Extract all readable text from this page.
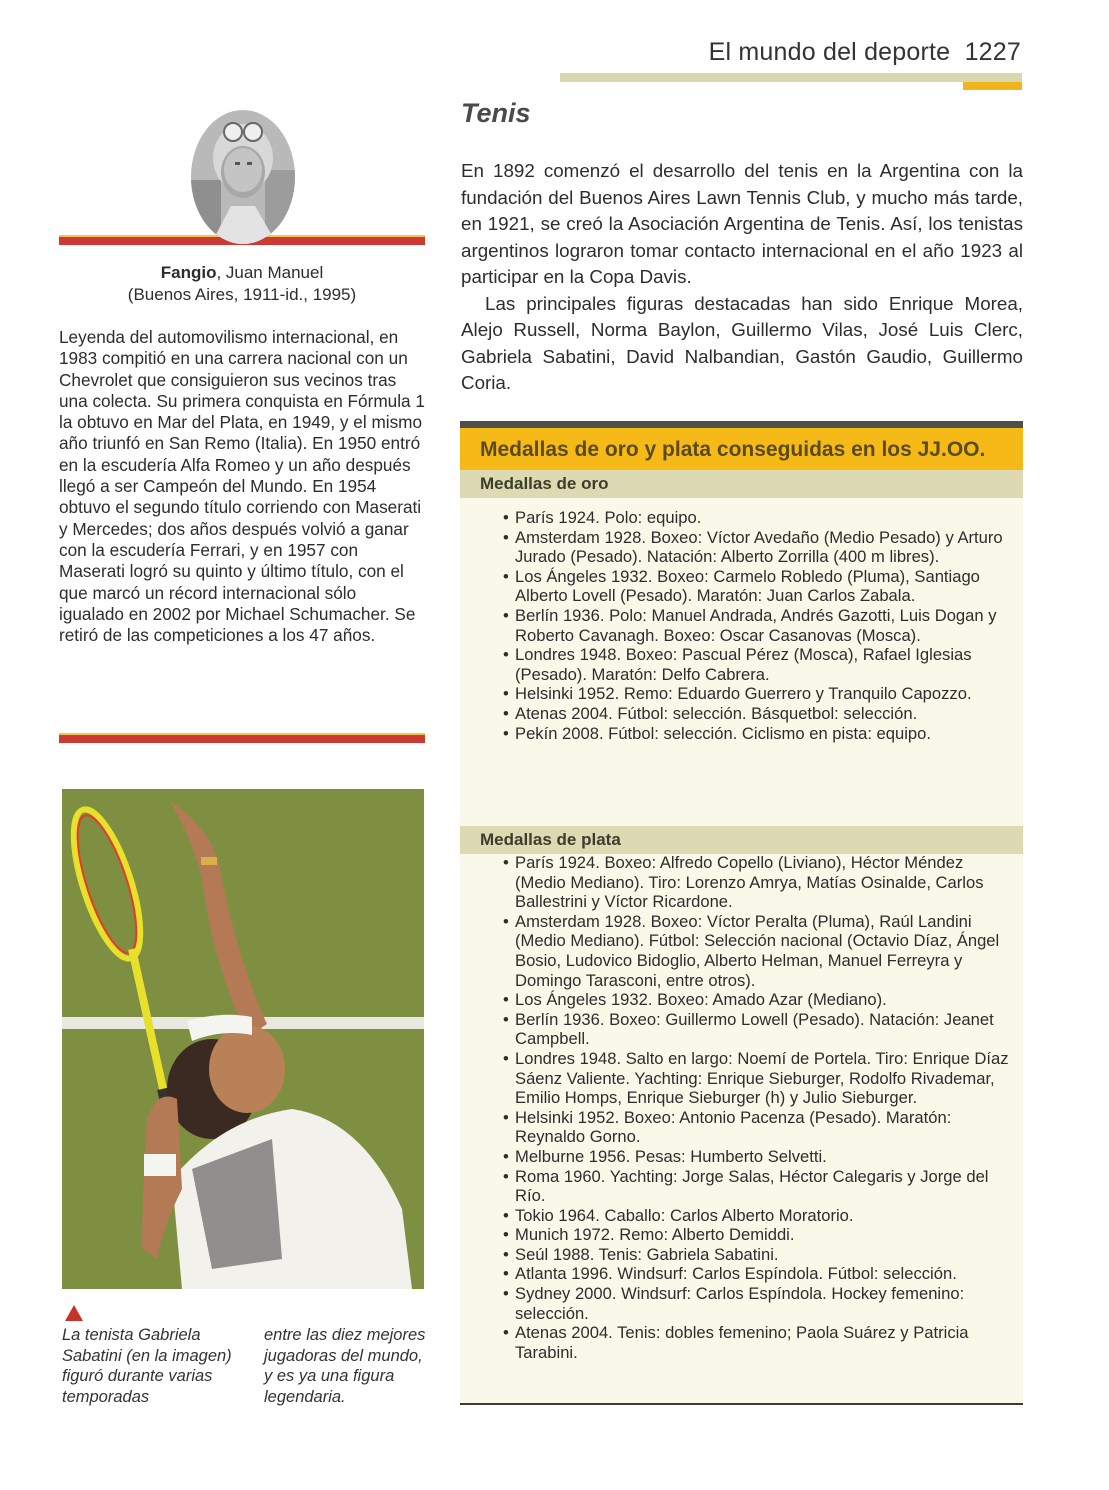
El mundo del deporte 1227
Fangio, Juan Manuel
(Buenos Aires, 1911-id., 1995)
Leyenda del automovilismo internacional, en 1983 compitió en una carrera nacional con un Chevrolet que consiguieron sus vecinos tras una colecta. Su primera conquista en Fórmula 1 la obtuvo en Mar del Plata, en 1949, y el mismo año triunfó en San Remo (Italia). En 1950 entró en la escudería Alfa Romeo y un año después llegó a ser Campeón del Mundo. En 1954 obtuvo el segundo título corriendo con Maserati y Mercedes; dos años después volvió a ganar con la escudería Ferrari, y en 1957 con Maserati logró su quinto y último título, con el que marcó un récord internacional sólo igualado en 2002 por Michael Schumacher. Se retiró de las competiciones a los 47 años.
La tenista Gabriela Sabatini (en la imagen) figuró durante varias temporadas
entre las diez mejores jugadoras del mundo, y es ya una figura legendaria.
Tenis

En 1892 comenzó el desarrollo del tenis en la Argentina con la fundación del Buenos Aires Lawn Tennis Club, y mucho más tarde, en 1921, se creó la Asociación Argentina de Tenis. Así, los tenistas argentinos lograron tomar contacto internacional en el año 1923 al participar en la Copa Davis.

Las principales figuras destacadas han sido Enrique Morea, Alejo Russell, Norma Baylon, Guillermo Vilas, José Luis Clerc, Gabriela Sabatini, David Nalbandian, Gastón Gaudio, Guillermo Coria.

Medallas de oro y plata conseguidas en los JJ.OO.
Medallas de oro
• París 1924. Polo: equipo.
• Amsterdam 1928. Boxeo: Víctor Avedaño (Medio Pesado) y Arturo Jurado (Pesado). Natación: Alberto Zorrilla (400 m libres).
• Los Ángeles 1932. Boxeo: Carmelo Robledo (Pluma), Santiago Alberto Lovell (Pesado). Maratón: Juan Carlos Zabala.
• Berlín 1936. Polo: Manuel Andrada, Andrés Gazotti, Luis Dogan y Roberto Cavanagh. Boxeo: Oscar Casanovas (Mosca).
• Londres 1948. Boxeo: Pascual Pérez (Mosca), Rafael Iglesias (Pesado). Maratón: Delfo Cabrera.
• Helsinki 1952. Remo: Eduardo Guerrero y Tranquilo Capozzo.
• Atenas 2004. Fútbol: selección. Básquetbol: selección.
• Pekín 2008. Fútbol: selección. Ciclismo en pista: equipo.
Medallas de plata
• París 1924. Boxeo: Alfredo Copello (Liviano), Héctor Méndez (Medio Mediano). Tiro: Lorenzo Amrya, Matías Osinalde, Carlos Ballestrini y Víctor Ricardone.
• Amsterdam 1928. Boxeo: Víctor Peralta (Pluma), Raúl Landini (Medio Mediano). Fútbol: Selección nacional (Octavio Díaz, Ángel Bosio, Ludovico Bidoglio, Alberto Helman, Manuel Ferreyra y Domingo Tarasconi, entre otros).
• Los Ángeles 1932. Boxeo: Amado Azar (Mediano).
• Berlín 1936. Boxeo: Guillermo Lowell (Pesado). Natación: Jeanet Campbell.
• Londres 1948. Salto en largo: Noemí de Portela. Tiro: Enrique Díaz Sáenz Valiente. Yachting: Enrique Sieburger, Rodolfo Rivademar, Emilio Homps, Enrique Sieburger (h) y Julio Sieburger.
• Helsinki 1952. Boxeo: Antonio Pacenza (Pesado). Maratón: Reynaldo Gorno.
• Melburne 1956. Pesas: Humberto Selvetti.
• Roma 1960. Yachting: Jorge Salas, Héctor Calegaris y Jorge del Río.
• Tokio 1964. Caballo: Carlos Alberto Moratorio.
• Munich 1972. Remo: Alberto Demiddi.
• Seúl 1988. Tenis: Gabriela Sabatini.
• Atlanta 1996. Windsurf: Carlos Espíndola. Fútbol: selección.
• Sydney 2000. Windsurf: Carlos Espíndola. Hockey femenino: selección.
• Atenas 2004. Tenis: dobles femenino; Paola Suárez y Patricia Tarabini.
